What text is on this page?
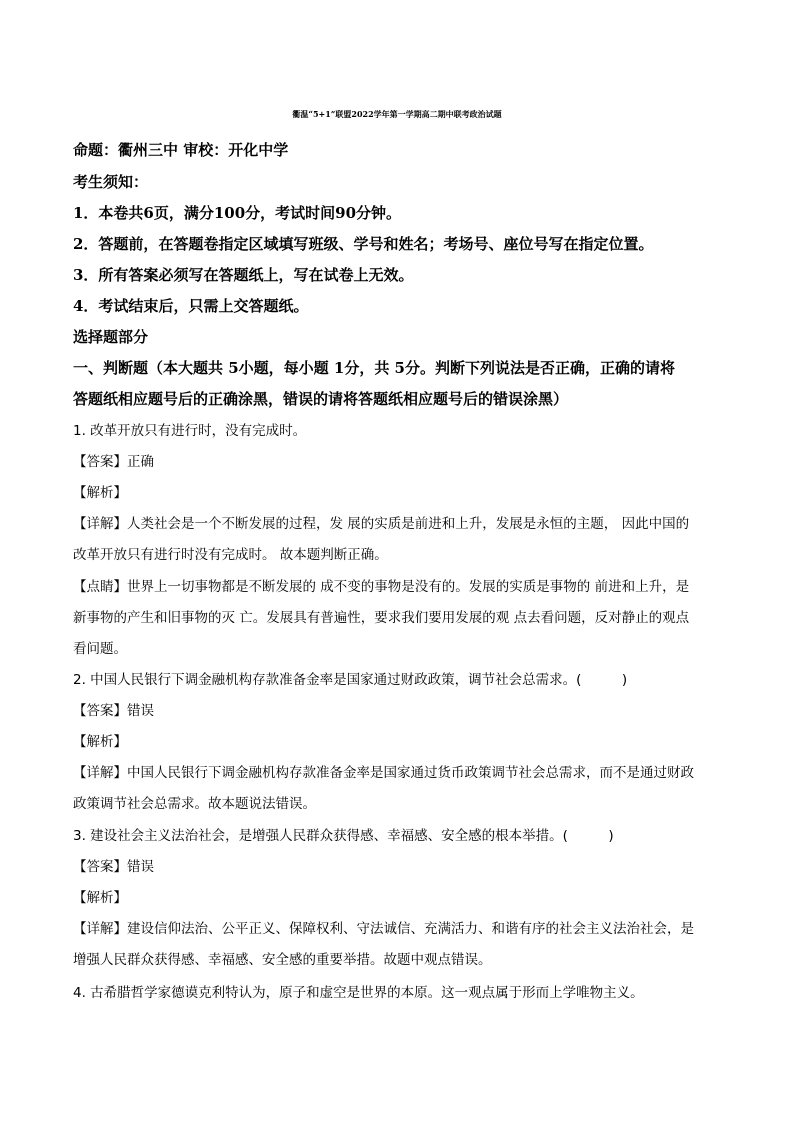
衢温“5+1”联盟2022学年第一学期高二期中联考政治试题
命题：衢州三中 审校：开化中学
考生须知：
1．本卷共6页，满分100分，考试时间90分钟。
2．答题前，在答题卷指定区域填写班级、学号和姓名；考场号、座位号写在指定位置。
3．所有答案必须写在答题纸上，写在试卷上无效。
4．考试结束后，只需上交答题纸。
选择题部分
一、判断题（本大题共 5小题，每小题 1分，共 5分。判断下列说法是否正确，正确的请将
答题纸相应题号后的正确涂黑，错误的请将答题纸相应题号后的错误涂黑）
1. 改革开放只有进行时，没有完成时。
【答案】正确
【解析】
【详解】人类社会是一个不断发展的过程，发 展的实质是前进和上升，发展是永恒的主题， 因此中国的
改革开放只有进行时没有完成时。 故本题判断正确。
【点睛】世界上一切事物都是不断发展的 成不变的事物是没有的。发展的实质是事物的 前进和上升，是
新事物的产生和旧事物的灭 亡。发展具有普遍性，要求我们要用发展的观 点去看问题，反对静止的观点
看问题。
2. 中国人民银行下调金融机构存款准备金率是国家通过财政政策，调节社会总需求。(　　　)
【答案】错误
【解析】
【详解】中国人民银行下调金融机构存款准备金率是国家通过货币政策调节社会总需求，而不是通过财政
政策调节社会总需求。故本题说法错误。
3. 建设社会主义法治社会，是增强人民群众获得感、幸福感、安全感的根本举措。(　　　)
【答案】错误
【解析】
【详解】建设信仰法治、公平正义、保障权利、守法诚信、充满活力、和谐有序的社会主义法治社会，是
增强人民群众获得感、幸福感、安全感的重要举措。故题中观点错误。
4. 古希腊哲学家德谟克利特认为，原子和虚空是世界的本原。这一观点属于形而上学唯物主义。
